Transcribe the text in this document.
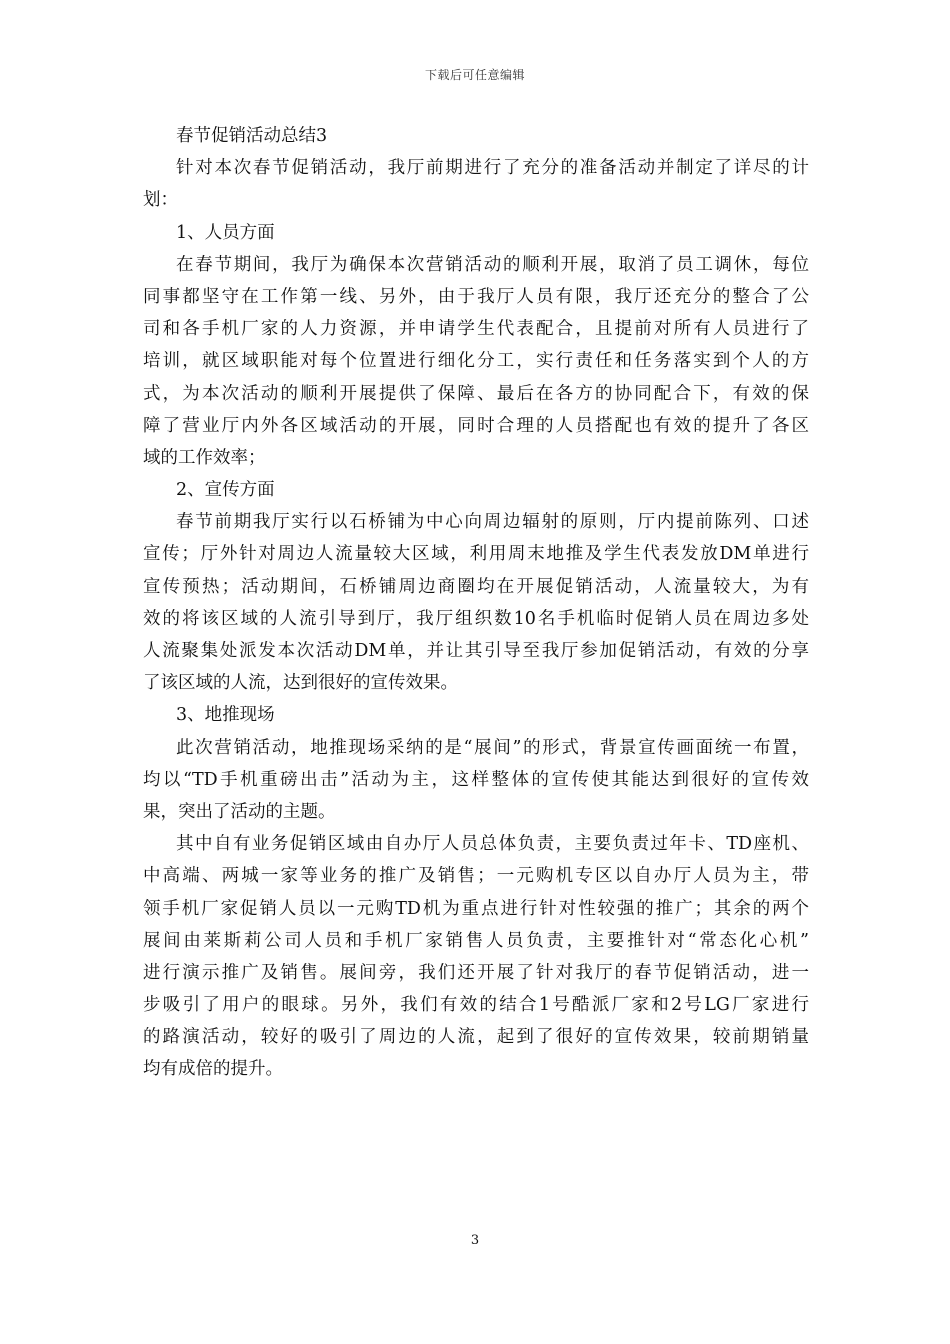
下载后可任意编辑
春节促销活动总结3
针对本次春节促销活动，我厅前期进行了充分的准备活动并制定了详尽的计
划：
1、人员方面
在春节期间，我厅为确保本次营销活动的顺利开展，取消了员工调休，每位
同事都坚守在工作第一线、另外，由于我厅人员有限，我厅还充分的整合了公
司和各手机厂家的人力资源，并申请学生代表配合，且提前对所有人员进行了
培训，就区域职能对每个位置进行细化分工，实行责任和任务落实到个人的方
式，为本次活动的顺利开展提供了保障、最后在各方的协同配合下，有效的保
障了营业厅内外各区域活动的开展，同时合理的人员搭配也有效的提升了各区
域的工作效率；
2、宣传方面
春节前期我厅实行以石桥铺为中心向周边辐射的原则，厅内提前陈列、口述
宣传；厅外针对周边人流量较大区域，利用周末地推及学生代表发放DM单进行
宣传预热；活动期间，石桥铺周边商圈均在开展促销活动，人流量较大，为有
效的将该区域的人流引导到厅，我厅组织数10名手机临时促销人员在周边多处
人流聚集处派发本次活动DM单，并让其引导至我厅参加促销活动，有效的分享
了该区域的人流，达到很好的宣传效果。
3、地推现场
此次营销活动，地推现场采纳的是“展间”的形式，背景宣传画面统一布置，
均以“TD手机重磅出击”活动为主，这样整体的宣传使其能达到很好的宣传效
果，突出了活动的主题。
其中自有业务促销区域由自办厅人员总体负责，主要负责过年卡、TD座机、
中高端、两城一家等业务的推广及销售；一元购机专区以自办厅人员为主，带
领手机厂家促销人员以一元购TD机为重点进行针对性较强的推广；其余的两个
展间由莱斯莉公司人员和手机厂家销售人员负责，主要推针对“常态化心机”
进行演示推广及销售。展间旁，我们还开展了针对我厅的春节促销活动，进一
步吸引了用户的眼球。另外，我们有效的结合1号酷派厂家和2号LG厂家进行
的路演活动，较好的吸引了周边的人流，起到了很好的宣传效果，较前期销量
均有成倍的提升。
3
